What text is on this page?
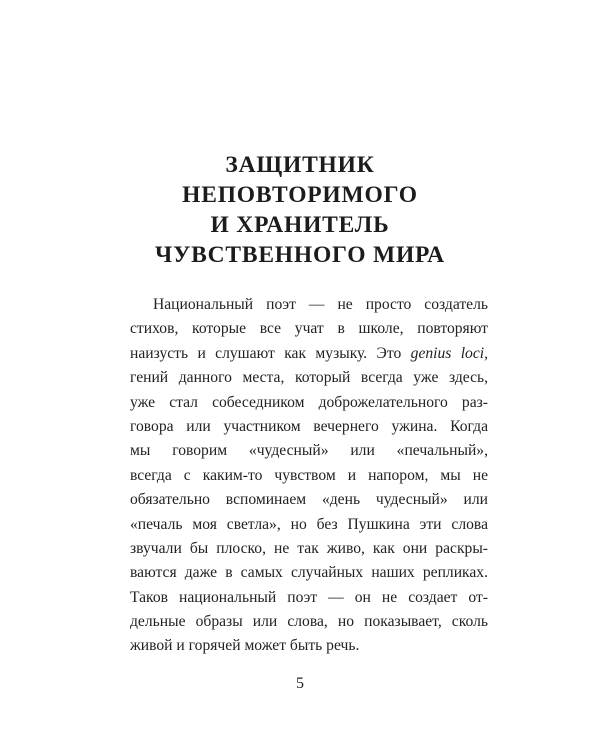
ЗАЩИТНИК
НЕПОВТОРИМОГО
И ХРАНИТЕЛЬ
ЧУВСТВЕННОГО МИРА
Национальный поэт — не просто создатель
стихов, которые все учат в школе, повторяют
наизусть и слушают как музыку. Это genius loci,
гений данного места, который всегда уже здесь,
уже стал собеседником доброжелательного раз-
говора или участником вечернего ужина. Когда
мы говорим «чудесный» или «печальный»,
всегда с каким-то чувством и напором, мы не
обязательно вспоминаем «день чудесный» или
«печаль моя светла», но без Пушкина эти слова
звучали бы плоско, не так живо, как они раскры-
ваются даже в самых случайных наших репликах.
Таков национальный поэт — он не создает от-
дельные образы или слова, но показывает, сколь
живой и горячей может быть речь.
5
